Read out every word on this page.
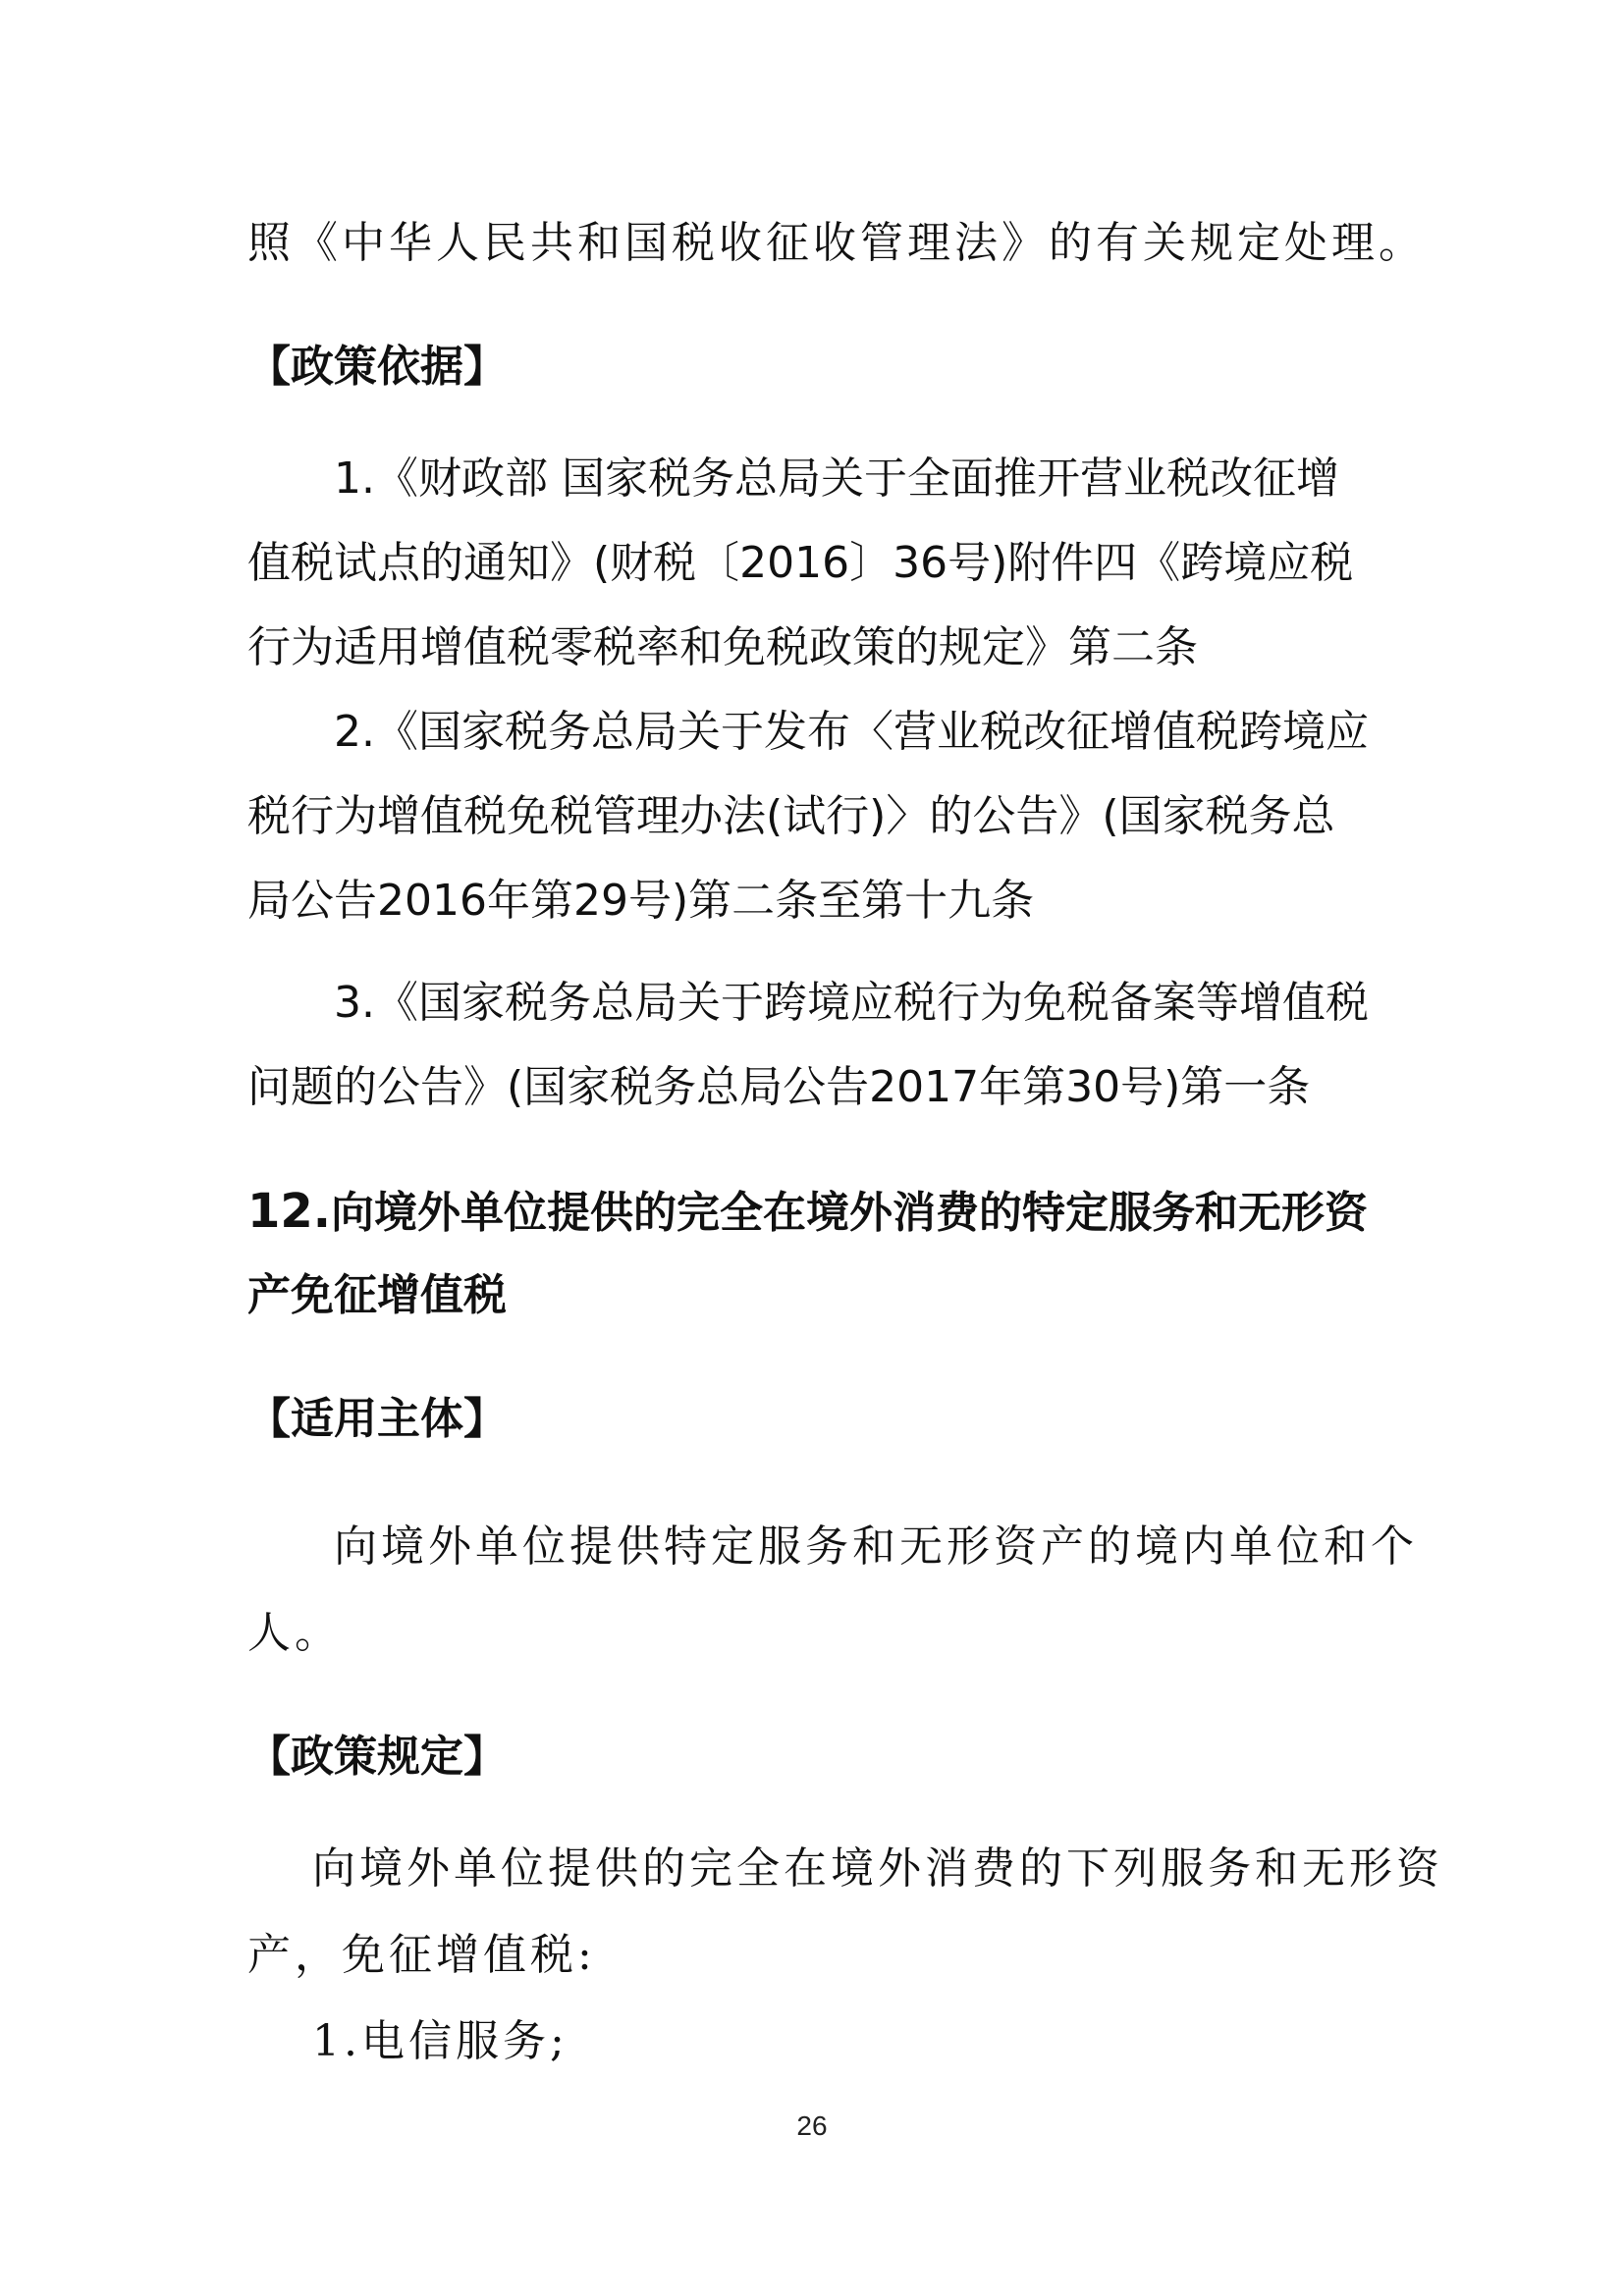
照《中华人民共和国税收征收管理法》的有关规定处理。
【政策依据】
1.《财政部 国家税务总局关于全面推开营业税改征增
值税试点的通知》(财税〔2016〕36号)附件四《跨境应税
行为适用增值税零税率和免税政策的规定》第二条
2.《国家税务总局关于发布〈营业税改征增值税跨境应
税行为增值税免税管理办法(试行)〉的公告》(国家税务总
局公告2016年第29号)第二条至第十九条
3.《国家税务总局关于跨境应税行为免税备案等增值税
问题的公告》(国家税务总局公告2017年第30号)第一条
12.向境外单位提供的完全在境外消费的特定服务和无形资
产免征增值税
【适用主体】
向境外单位提供特定服务和无形资产的境内单位和个
人。
【政策规定】
向境外单位提供的完全在境外消费的下列服务和无形资
产，免征增值税:
1.电信服务;
26
